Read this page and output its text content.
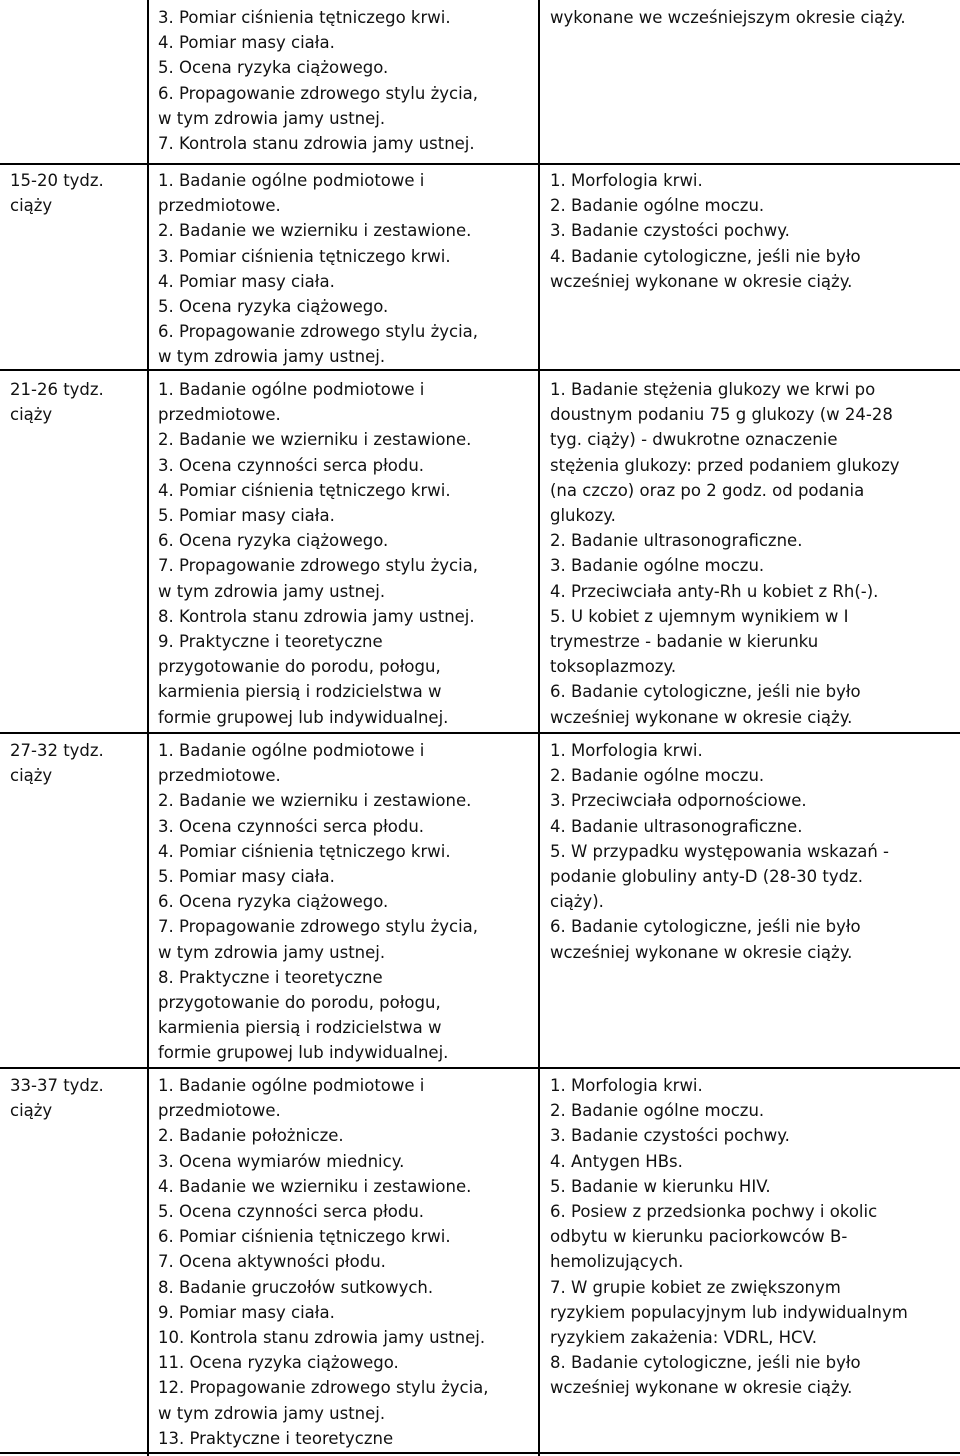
3. Pomiar ciśnienia tętniczego krwi.
4. Pomiar masy ciała.
5. Ocena ryzyka ciążowego.
6. Propagowanie zdrowego stylu życia,
w tym zdrowia jamy ustnej.
7. Kontrola stanu zdrowia jamy ustnej.
wykonane we wcześniejszym okresie ciąży.
15-20 tydz.
ciąży
1. Badanie ogólne podmiotowe i
przedmiotowe.
2. Badanie we wzierniku i zestawione.
3. Pomiar ciśnienia tętniczego krwi.
4. Pomiar masy ciała.
5. Ocena ryzyka ciążowego.
6. Propagowanie zdrowego stylu życia,
w tym zdrowia jamy ustnej.
1. Morfologia krwi.
2. Badanie ogólne moczu.
3. Badanie czystości pochwy.
4. Badanie cytologiczne, jeśli nie było
wcześniej wykonane w okresie ciąży.
21-26 tydz.
ciąży
1. Badanie ogólne podmiotowe i
przedmiotowe.
2. Badanie we wzierniku i zestawione.
3. Ocena czynności serca płodu.
4. Pomiar ciśnienia tętniczego krwi.
5. Pomiar masy ciała.
6. Ocena ryzyka ciążowego.
7. Propagowanie zdrowego stylu życia,
w tym zdrowia jamy ustnej.
8. Kontrola stanu zdrowia jamy ustnej.
9. Praktyczne i teoretyczne
przygotowanie do porodu, połogu,
karmienia piersią i rodzicielstwa w
formie grupowej lub indywidualnej.
1. Badanie stężenia glukozy we krwi po
doustnym podaniu 75 g glukozy (w 24-28
tyg. ciąży) - dwukrotne oznaczenie
stężenia glukozy: przed podaniem glukozy
(na czczo) oraz po 2 godz. od podania
glukozy.
2. Badanie ultrasonograficzne.
3. Badanie ogólne moczu.
4. Przeciwciała anty-Rh u kobiet z Rh(-).
5. U kobiet z ujemnym wynikiem w I
trymestrze - badanie w kierunku
toksoplazmozy.
6. Badanie cytologiczne, jeśli nie było
wcześniej wykonane w okresie ciąży.
27-32 tydz.
ciąży
1. Badanie ogólne podmiotowe i
przedmiotowe.
2. Badanie we wzierniku i zestawione.
3. Ocena czynności serca płodu.
4. Pomiar ciśnienia tętniczego krwi.
5. Pomiar masy ciała.
6. Ocena ryzyka ciążowego.
7. Propagowanie zdrowego stylu życia,
w tym zdrowia jamy ustnej.
8. Praktyczne i teoretyczne
przygotowanie do porodu, połogu,
karmienia piersią i rodzicielstwa w
formie grupowej lub indywidualnej.
1. Morfologia krwi.
2. Badanie ogólne moczu.
3. Przeciwciała odpornościowe.
4. Badanie ultrasonograficzne.
5. W przypadku występowania wskazań -
podanie globuliny anty-D (28-30 tydz.
ciąży).
6. Badanie cytologiczne, jeśli nie było
wcześniej wykonane w okresie ciąży.
33-37 tydz.
ciąży
1. Badanie ogólne podmiotowe i
przedmiotowe.
2. Badanie położnicze.
3. Ocena wymiarów miednicy.
4. Badanie we wzierniku i zestawione.
5. Ocena czynności serca płodu.
6. Pomiar ciśnienia tętniczego krwi.
7. Ocena aktywności płodu.
8. Badanie gruczołów sutkowych.
9. Pomiar masy ciała.
10. Kontrola stanu zdrowia jamy ustnej.
11. Ocena ryzyka ciążowego.
12. Propagowanie zdrowego stylu życia,
w tym zdrowia jamy ustnej.
13. Praktyczne i teoretyczne
1. Morfologia krwi.
2. Badanie ogólne moczu.
3. Badanie czystości pochwy.
4. Antygen HBs.
5. Badanie w kierunku HIV.
6. Posiew z przedsionka pochwy i okolic
odbytu w kierunku paciorkowców B-
hemolizujących.
7. W grupie kobiet ze zwiększonym
ryzykiem populacyjnym lub indywidualnym
ryzykiem zakażenia: VDRL, HCV.
8. Badanie cytologiczne, jeśli nie było
wcześniej wykonane w okresie ciąży.
